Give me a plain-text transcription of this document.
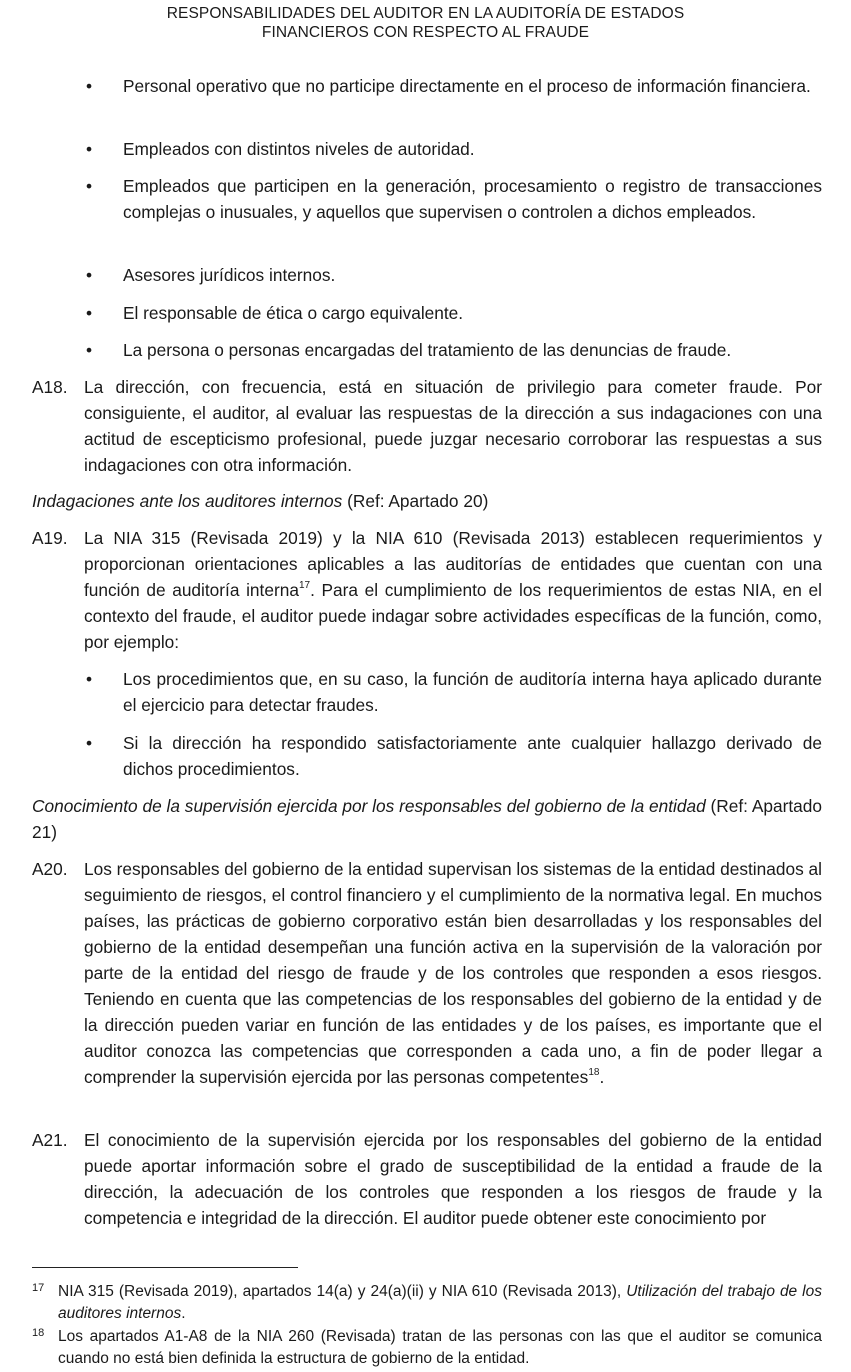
RESPONSABILIDADES DEL AUDITOR EN LA AUDITORÍA DE ESTADOS
FINANCIEROS CON RESPECTO AL FRAUDE
• Personal operativo que no participe directamente en el proceso de información financiera.
• Empleados con distintos niveles de autoridad.
• Empleados que participen en la generación, procesamiento o registro de transacciones complejas o inusuales, y aquellos que supervisen o controlen a dichos empleados.
• Asesores jurídicos internos.
• El responsable de ética o cargo equivalente.
• La persona o personas encargadas del tratamiento de las denuncias de fraude.
A18. La dirección, con frecuencia, está en situación de privilegio para cometer fraude. Por consiguiente, el auditor, al evaluar las respuestas de la dirección a sus indagaciones con una actitud de escepticismo profesional, puede juzgar necesario corroborar las respuestas a sus indagaciones con otra información.
Indagaciones ante los auditores internos (Ref: Apartado 20)
A19. La NIA 315 (Revisada 2019) y la NIA 610 (Revisada 2013) establecen requerimientos y proporcionan orientaciones aplicables a las auditorías de entidades que cuentan con una función de auditoría interna$^{17}$. Para el cumplimiento de los requerimientos de estas NIA, en el contexto del fraude, el auditor puede indagar sobre actividades específicas de la función, como, por ejemplo:
• Los procedimientos que, en su caso, la función de auditoría interna haya aplicado durante el ejercicio para detectar fraudes.
• Si la dirección ha respondido satisfactoriamente ante cualquier hallazgo derivado de dichos procedimientos.
Conocimiento de la supervisión ejercida por los responsables del gobierno de la entidad (Ref: Apartado 21)
A20. Los responsables del gobierno de la entidad supervisan los sistemas de la entidad destinados al seguimiento de riesgos, el control financiero y el cumplimiento de la normativa legal. En muchos países, las prácticas de gobierno corporativo están bien desarrolladas y los responsables del gobierno de la entidad desempeñan una función activa en la supervisión de la valoración por parte de la entidad del riesgo de fraude y de los controles que responden a esos riesgos. Teniendo en cuenta que las competencias de los responsables del gobierno de la entidad y de la dirección pueden variar en función de las entidades y de los países, es importante que el auditor conozca las competencias que corresponden a cada uno, a fin de poder llegar a comprender la supervisión ejercida por las personas competentes$^{18}$.
A21. El conocimiento de la supervisión ejercida por los responsables del gobierno de la entidad puede aportar información sobre el grado de susceptibilidad de la entidad a fraude de la dirección, la adecuación de los controles que responden a los riesgos de fraude y la competencia e integridad de la dirección. El auditor puede obtener este conocimiento por
17 NIA 315 (Revisada 2019), apartados 14(a) y 24(a)(ii) y NIA 610 (Revisada 2013), Utilización del trabajo de los auditores internos.
18 Los apartados A1-A8 de la NIA 260 (Revisada) tratan de las personas con las que el auditor se comunica cuando no está bien definida la estructura de gobierno de la entidad.
